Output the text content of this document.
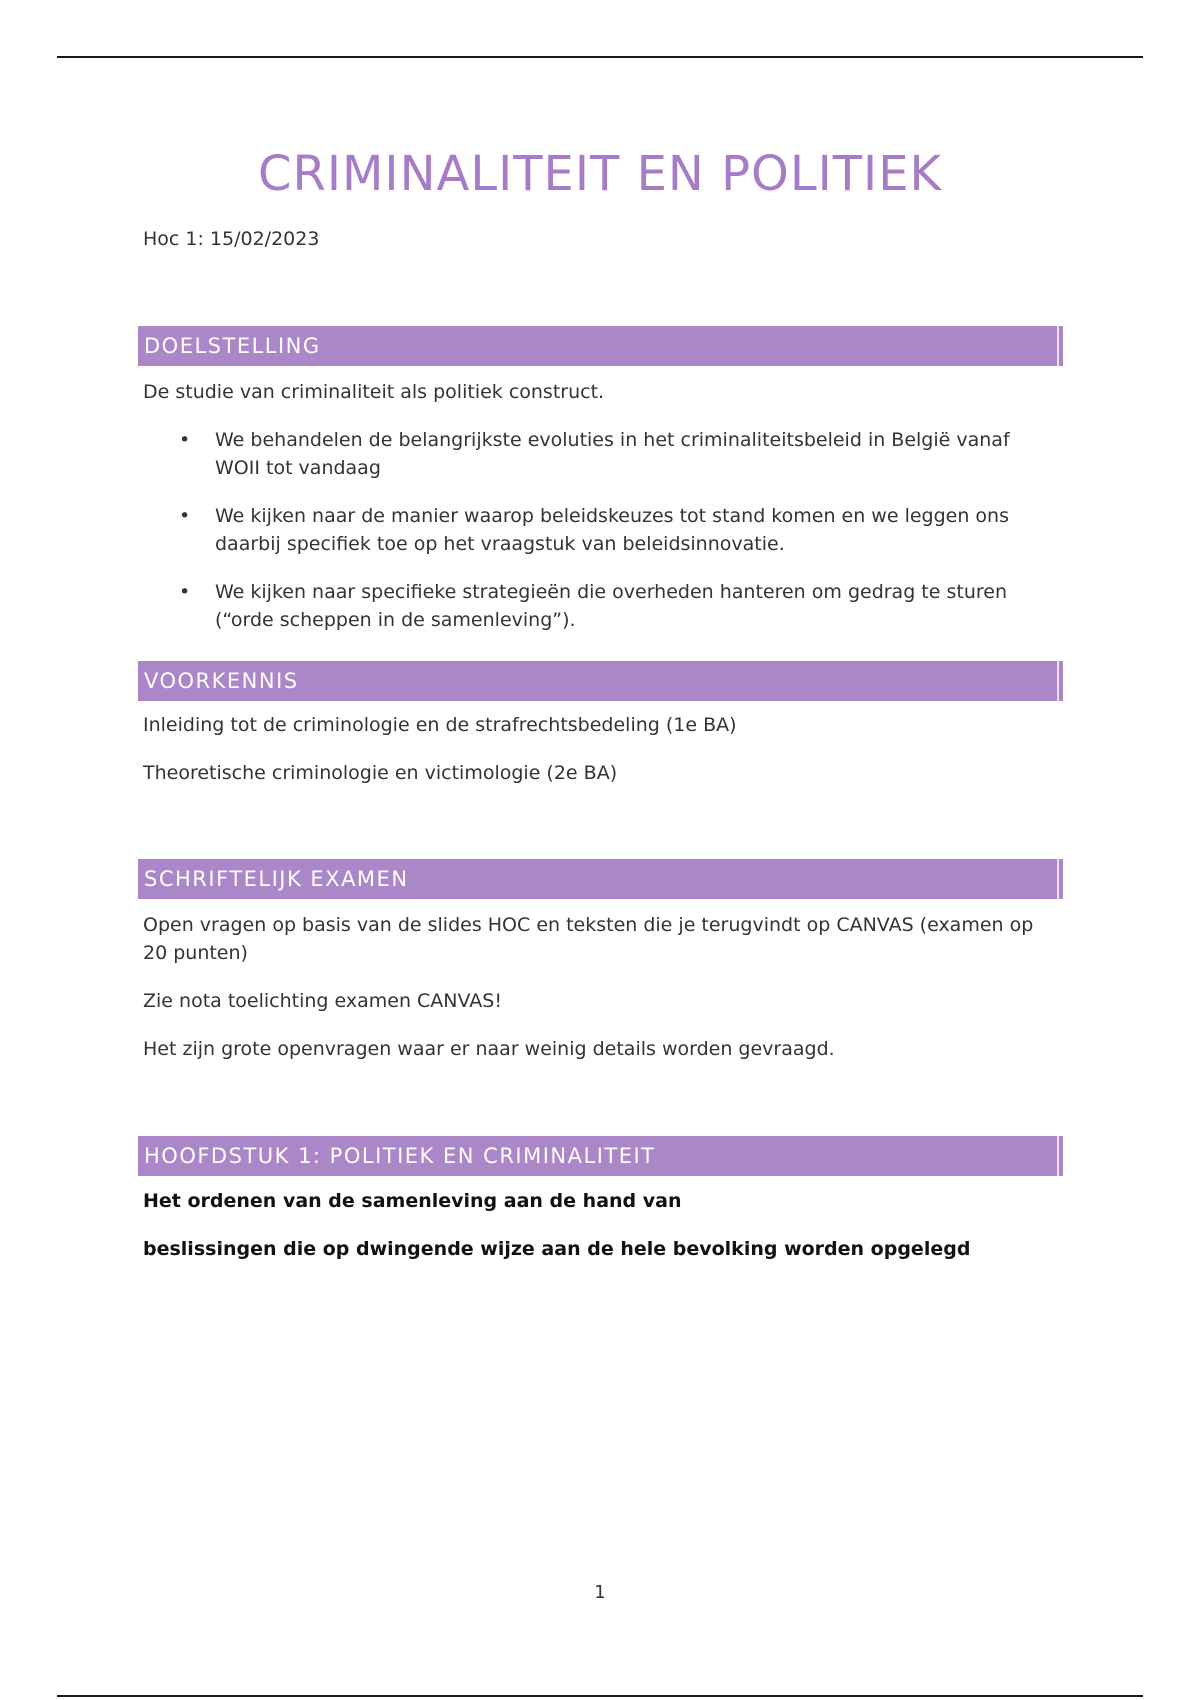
CRIMINALITEIT EN POLITIEK
Hoc 1: 15/02/2023
DOELSTELLING
De studie van criminaliteit als politiek construct.
• We behandelen de belangrijkste evoluties in het criminaliteitsbeleid in België vanaf WOII tot vandaag
• We kijken naar de manier waarop beleidskeuzes tot stand komen en we leggen ons daarbij specifiek toe op het vraagstuk van beleidsinnovatie.
• We kijken naar specifieke strategieën die overheden hanteren om gedrag te sturen (“orde scheppen in de samenleving”).
VOORKENNIS
Inleiding tot de criminologie en de strafrechtsbedeling (1e BA)
Theoretische criminologie en victimologie (2e BA)
SCHRIFTELIJK EXAMEN
Open vragen op basis van de slides HOC en teksten die je terugvindt op CANVAS (examen op 20 punten)
Zie nota toelichting examen CANVAS!
Het zijn grote openvragen waar er naar weinig details worden gevraagd.
HOOFDSTUK 1: POLITIEK EN CRIMINALITEIT
Het ordenen van de samenleving aan de hand van
beslissingen die op dwingende wijze aan de hele bevolking worden opgelegd
1
